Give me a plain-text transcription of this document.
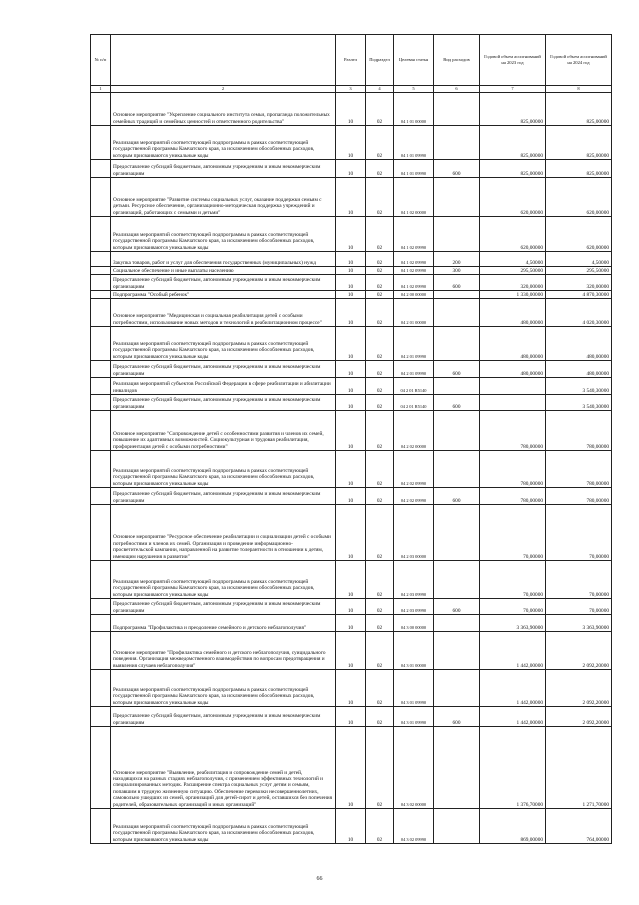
№ п/п		Разлел	Подраздел	Целевая статья	Вид расходов	Годовой объем ассигнований на 2023 год	Годовой объем ассигнований на 2024 год
1	2	3	4	5	6	7	8
	Основное мероприятие "Укрепление социального института семьи, пропаганда положительных семейных традиций и семейных ценностей и ответственного родительства"	10	02	04 1 01 00000		825,00000	825,00000
	Реализация мероприятий соответствующей подпрограммы в рамках соответствующей государственной программы Камчатского края, за исключением обособленных расходов, которым присваиваются уникальные коды	10	02	04 1 01 09990		825,00000	825,00000
	Предоставление субсидий бюджетным, автономным учреждениям и иным некоммерческим организациям	10	02	04 1 01 09990	600	825,00000	825,00000
	Основное мероприятие "Развитие системы социальных услуг, оказание поддержки семьям с детьми. Ресурсное обеспечение, организационно-методическая поддержка учреждений и организаций, работающих с семьями и детьми"	10	02	04 1 02 00000		620,00000	620,00000
	Реализация мероприятий соответствующей подпрограммы в рамках соответствующей государственной программы Камчатского края, за исключением обособленных расходов, которым присваиваются уникальные коды	10	02	04 1 02 09990		620,00000	620,00000
	Закупка товаров, работ и услуг для обеспечения государственных (муниципальных) нужд	10	02	04 1 02 09990	200	4,50000	4,50000
	Социальное обеспечение и иные выплаты населению	10	02	04 1 02 09990	300	295,50000	295,50000
	Предоставление субсидий бюджетным, автономным учреждениям и иным некоммерческим организациям	10	02	04 1 02 09990	600	320,00000	320,00000
	Подпрограмма "Особый ребенок"	10	02	04 2 00 00000		1 330,00000	4 870,30000
	Основное мероприятие "Медицинская и социальная реабилитация детей с особыми потребностями, использование новых методов и технологий в реабилитационном процессе"	10	02	04 2 01 00000		480,00000	4 020,30000
	Реализация мероприятий соответствующей подпрограммы в рамках соответствующей государственной программы Камчатского края, за исключением обособленных расходов, которым присваиваются уникальные коды	10	02	04 2 01 09990		480,00000	480,00000
	Предоставление субсидий бюджетным, автономным учреждениям и иным некоммерческим организациям	10	02	04 2 01 09990	600	480,00000	480,00000
	Реализация мероприятий субъектов Российской Федерации в сфере реабилитации и абилитации инвалидов	10	02	04 2 01 R5140			3 540,30000
	Предоставление субсидий бюджетным, автономным учреждениям и иным некоммерческим организациям	10	02	04 2 01 R5140	600		3 540,30000
	Основное мероприятие "Сопровождение детей с особенностями развития и членов их семей, повышение их адаптивных возможностей. Социокультурная и трудовая реабилитация, профориентация детей с особыми потребностями"	10	02	04 2 02 00000		780,00000	780,00000
	Реализация мероприятий соответствующей подпрограммы в рамках соответствующей государственной программы Камчатского края, за исключением обособленных расходов, которым присваиваются уникальные коды	10	02	04 2 02 09990		780,00000	780,00000
	Предоставление субсидий бюджетным, автономным учреждениям и иным некоммерческим организациям	10	02	04 2 02 09990	600	780,00000	780,00000
	Основное мероприятие "Ресурсное обеспечение реабилитации и социализации детей с особыми потребностями и членов их семей. Организация и проведение информационно-просветительской кампании, направленной на развитие толерантности в отношении к детям, имеющим нарушения в развитии"	10	02	04 2 03 00000		70,00000	70,00000
	Реализация мероприятий соответствующей подпрограммы в рамках соответствующей государственной программы Камчатского края, за исключением обособленных расходов, которым присваиваются уникальные коды	10	02	04 2 03 09990		70,00000	70,00000
	Предоставление субсидий бюджетным, автономным учреждениям и иным некоммерческим организациям	10	02	04 2 03 09990	600	70,00000	70,00000
	Подпрограмма "Профилактика и преодоление семейного и детского неблагополучия"	10	02	04 3 00 00000		3 363,90000	3 363,90000
	Основное мероприятие "Профилактика семейного и детского неблагополучия, суицидального поведения. Организация межведомственного взаимодействия по вопросам предотвращения и выявления случаев неблагополучия"	10	02	04 3 01 00000		1 442,00000	2 092,20000
	Реализация мероприятий соответствующей подпрограммы в рамках соответствующей государственной программы Камчатского края, за исключением обособленных расходов, которым присваиваются уникальные коды	10	02	04 3 01 09990		1 442,00000	2 092,20000
	Предоставление субсидий бюджетным, автономным учреждениям и иным некоммерческим организациям	10	02	04 3 01 09990	600	1 442,00000	2 092,20000
	Основное мероприятие "Выявление, реабилитация и сопровождение семей и детей, находящихся на разных стадиях неблагополучия, с применением эффективных технологий и специализированных методик. Расширение спектра социальных услуг детям и семьям, попавшим в трудную жизненную ситуацию. Обеспечение перевозки несовершеннолетних, самовольно ушедших из семей, организаций для детей-сирот и детей, оставшихся без попечения родителей, образовательных организаций и иных организаций"	10	02	04 3 02 00000		1 376,70000	1 271,70000
	Реализация мероприятий соответствующей подпрограммы в рамках соответствующей государственной программы Камчатского края, за исключением обособленных расходов, которым присваиваются уникальные коды	10	02	04 3 02 09990		869,00000	764,00000
66
